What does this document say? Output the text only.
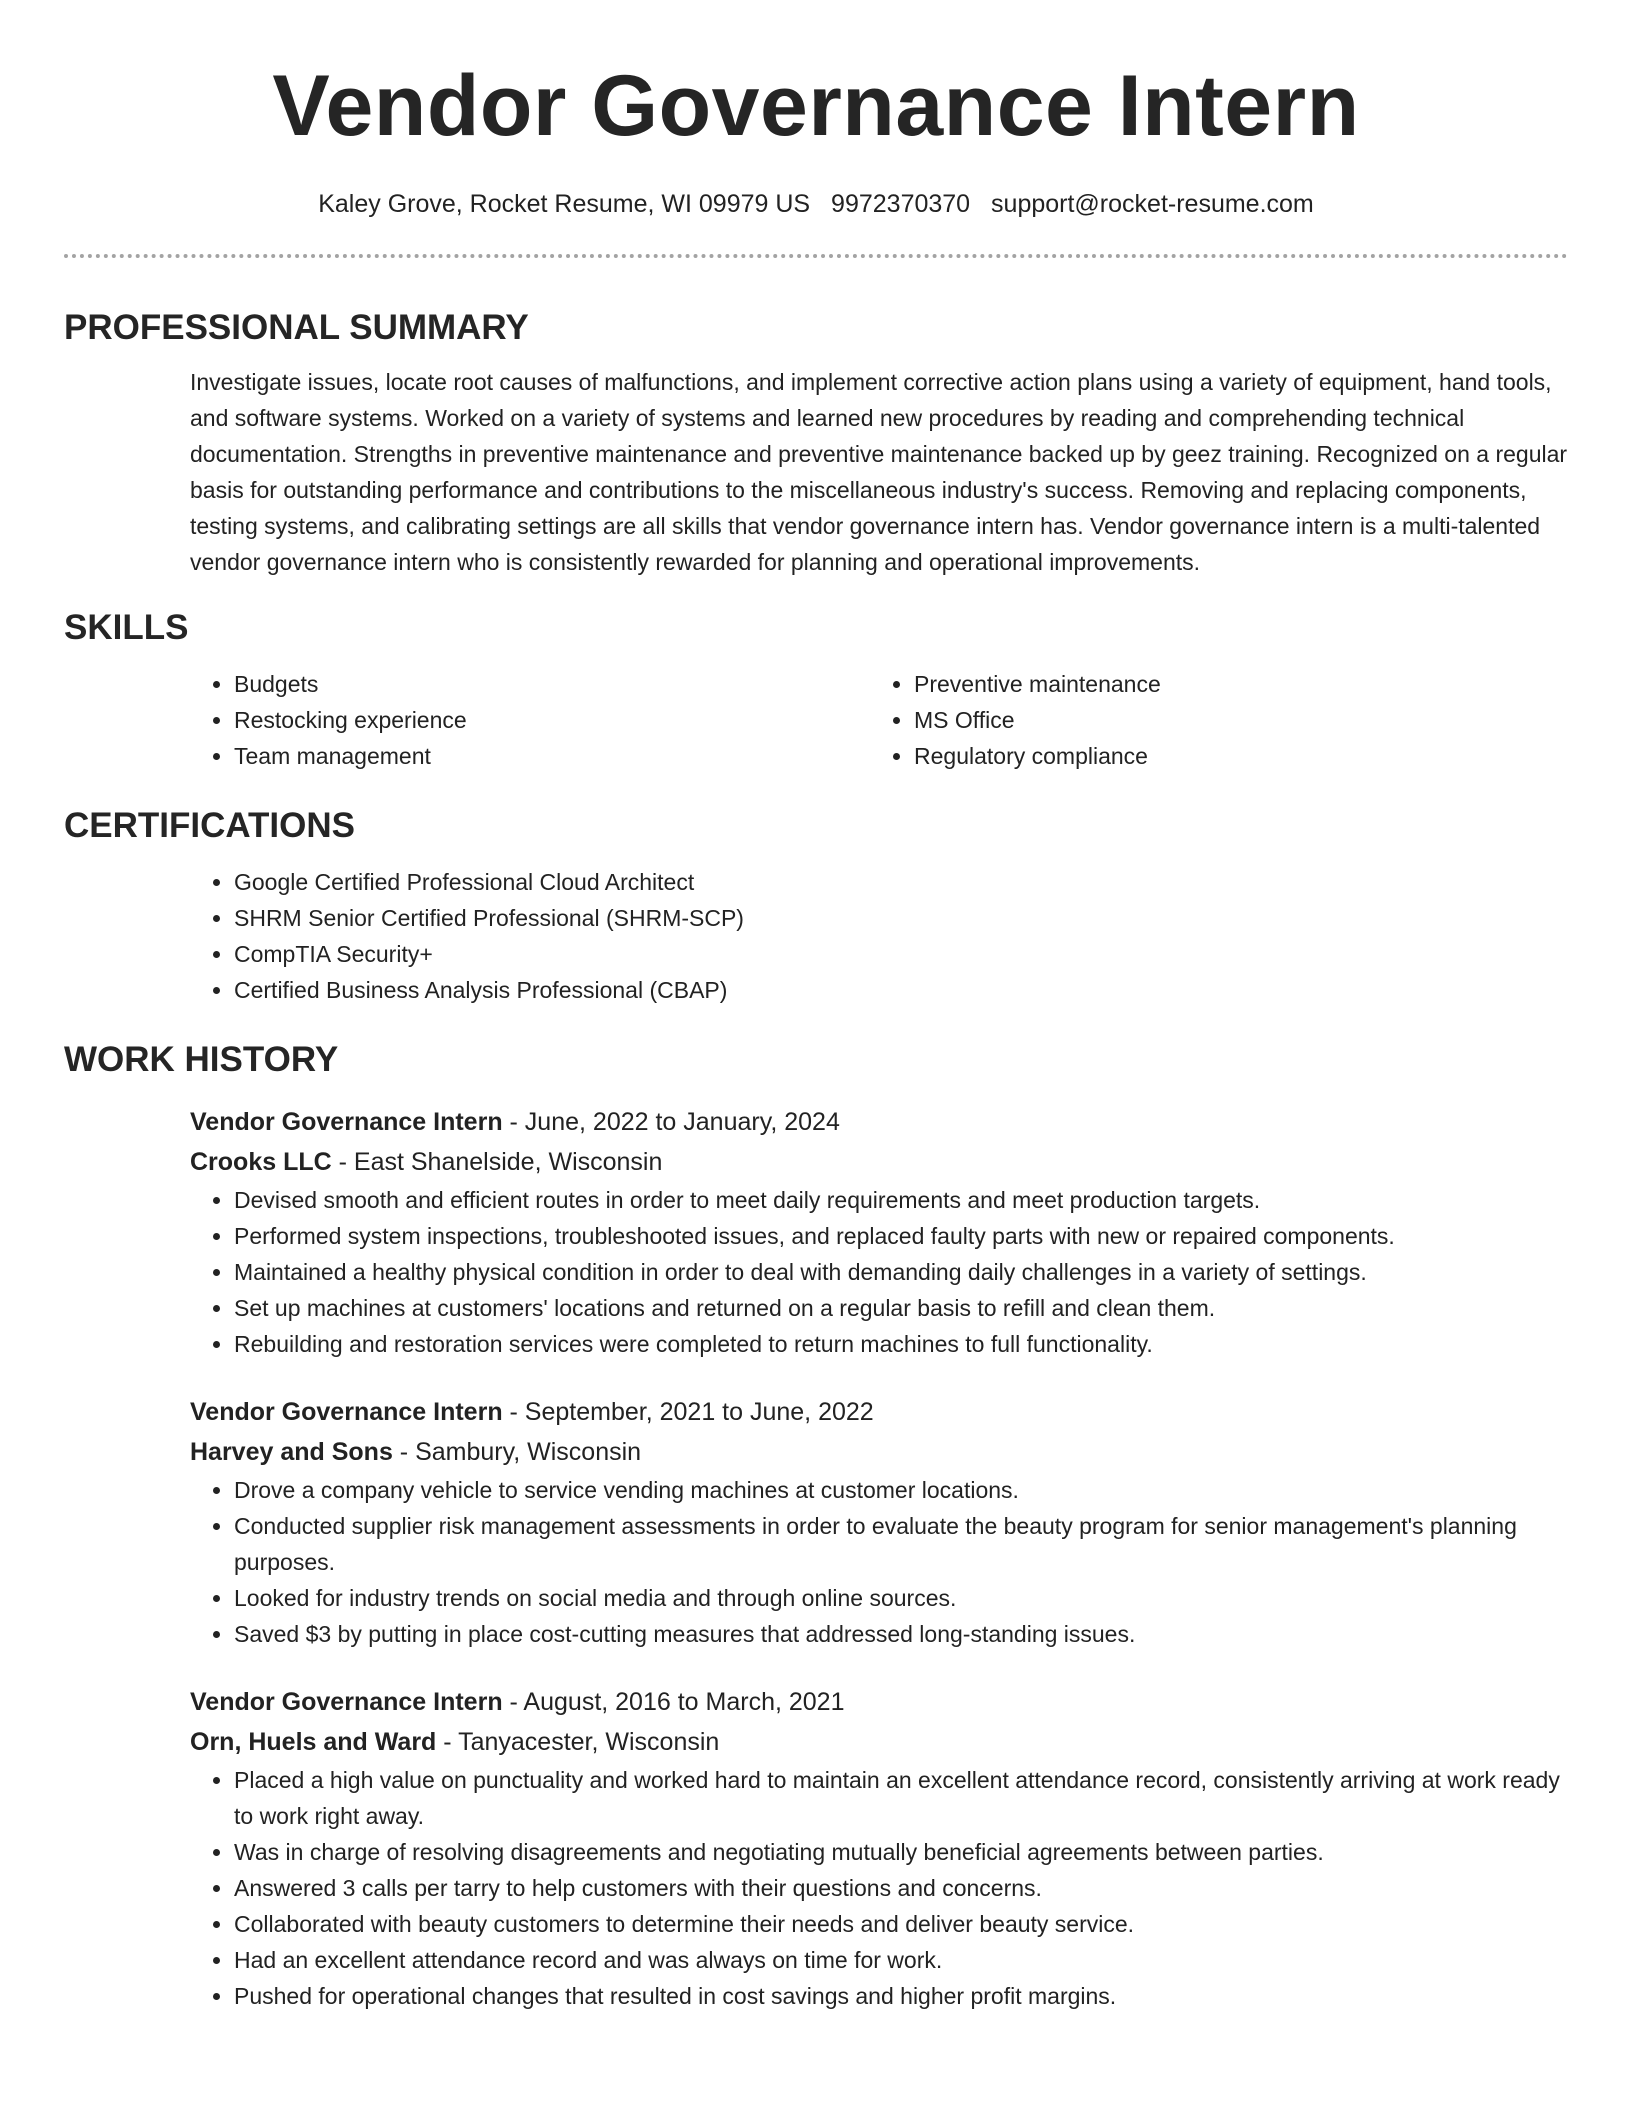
Vendor Governance Intern
Kaley Grove, Rocket Resume, WI 09979 US 9972370370 support@rocket-resume.com
PROFESSIONAL SUMMARY
Investigate issues, locate root causes of malfunctions, and implement corrective action plans using a variety of equipment, hand tools, and software systems. Worked on a variety of systems and learned new procedures by reading and comprehending technical documentation. Strengths in preventive maintenance and preventive maintenance backed up by geez training. Recognized on a regular basis for outstanding performance and contributions to the miscellaneous industry's success. Removing and replacing components, testing systems, and calibrating settings are all skills that vendor governance intern has. Vendor governance intern is a multi-talented vendor governance intern who is consistently rewarded for planning and operational improvements.
SKILLS
• Budgets
• Restocking experience
• Team management
• Preventive maintenance
• MS Office
• Regulatory compliance
CERTIFICATIONS
• Google Certified Professional Cloud Architect
• SHRM Senior Certified Professional (SHRM-SCP)
• CompTIA Security+
• Certified Business Analysis Professional (CBAP)
WORK HISTORY
Vendor Governance Intern - June, 2022 to January, 2024
Crooks LLC - East Shanelside, Wisconsin
• Devised smooth and efficient routes in order to meet daily requirements and meet production targets.
• Performed system inspections, troubleshooted issues, and replaced faulty parts with new or repaired components.
• Maintained a healthy physical condition in order to deal with demanding daily challenges in a variety of settings.
• Set up machines at customers' locations and returned on a regular basis to refill and clean them.
• Rebuilding and restoration services were completed to return machines to full functionality.
Vendor Governance Intern - September, 2021 to June, 2022
Harvey and Sons - Sambury, Wisconsin
• Drove a company vehicle to service vending machines at customer locations.
• Conducted supplier risk management assessments in order to evaluate the beauty program for senior management's planning purposes.
• Looked for industry trends on social media and through online sources.
• Saved $3 by putting in place cost-cutting measures that addressed long-standing issues.
Vendor Governance Intern - August, 2016 to March, 2021
Orn, Huels and Ward - Tanyacester, Wisconsin
• Placed a high value on punctuality and worked hard to maintain an excellent attendance record, consistently arriving at work ready to work right away.
• Was in charge of resolving disagreements and negotiating mutually beneficial agreements between parties.
• Answered 3 calls per tarry to help customers with their questions and concerns.
• Collaborated with beauty customers to determine their needs and deliver beauty service.
• Had an excellent attendance record and was always on time for work.
• Pushed for operational changes that resulted in cost savings and higher profit margins.
